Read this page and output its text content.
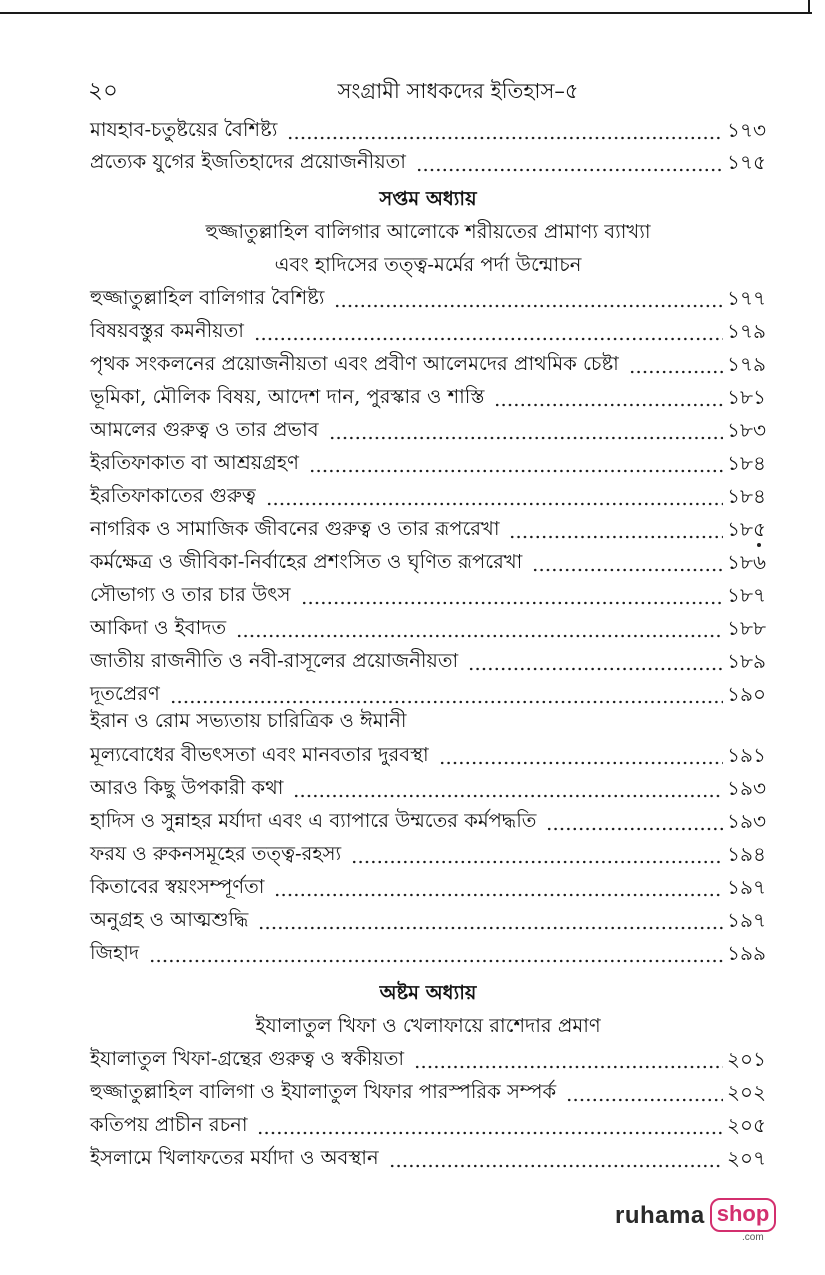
২০	সংগ্রামী সাধকদের ইতিহাস–৫
মাযহাব-চতুষ্টয়ের বৈশিষ্ট্য	১৭৩
প্রত্যেক যুগের ইজতিহাদের প্রয়োজনীয়তা	১৭৫
সপ্তম অধ্যায়
হুজ্জাতুল্লাহিল বালিগার আলোকে শরীয়তের প্রামাণ্য ব্যাখ্যা
এবং হাদিসের তত্ত্ব-মর্মের পর্দা উন্মোচন
হুজ্জাতুল্লাহিল বালিগার বৈশিষ্ট্য	১৭৭
বিষয়বস্তুর কমনীয়তা	১৭৯
পৃথক সংকলনের প্রয়োজনীয়তা এবং প্রবীণ আলেমদের প্রাথমিক চেষ্টা	১৭৯
ভূমিকা, মৌলিক বিষয়, আদেশ দান, পুরস্কার ও শাস্তি	১৮১
আমলের গুরুত্ব ও তার প্রভাব	১৮৩
ইরতিফাকাত বা আশ্রয়গ্রহণ	১৮৪
ইরতিফাকাতের গুরুত্ব	১৮৪
নাগরিক ও সামাজিক জীবনের গুরুত্ব ও তার রূপরেখা	১৮৫
কর্মক্ষেত্র ও জীবিকা-নির্বাহের প্রশংসিত ও ঘৃণিত রূপরেখা	১৮৬
সৌভাগ্য ও তার চার উৎস	১৮৭
আকিদা ও ইবাদত	১৮৮
জাতীয় রাজনীতি ও নবী-রাসূলের প্রয়োজনীয়তা	১৮৯
দূতপ্রেরণ	১৯০
ইরান ও রোম সভ্যতায় চারিত্রিক ও ঈমানী
মূল্যবোধের বীভৎসতা এবং মানবতার দুরবস্থা	১৯১
আরও কিছু উপকারী কথা	১৯৩
হাদিস ও সুন্নাহর মর্যাদা এবং এ ব্যাপারে উম্মতের কর্মপদ্ধতি	১৯৩
ফরয ও রুকনসমূহের তত্ত্ব-রহস্য	১৯৪
কিতাবের স্বয়ংসম্পূর্ণতা	১৯৭
অনুগ্রহ ও আত্মশুদ্ধি	১৯৭
জিহাদ	১৯৯
অষ্টম অধ্যায়
ইযালাতুল খিফা ও খেলাফায়ে রাশেদার প্রমাণ
ইযালাতুল খিফা-গ্রন্থের গুরুত্ব ও স্বকীয়তা	২০১
হুজ্জাতুল্লাহিল বালিগা ও ইযালাতুল খিফার পারস্পরিক সম্পর্ক	২০২
কতিপয় প্রাচীন রচনা	২০৫
ইসলামে খিলাফতের মর্যাদা ও অবস্থান	২০৭
ruhama shop
.com
